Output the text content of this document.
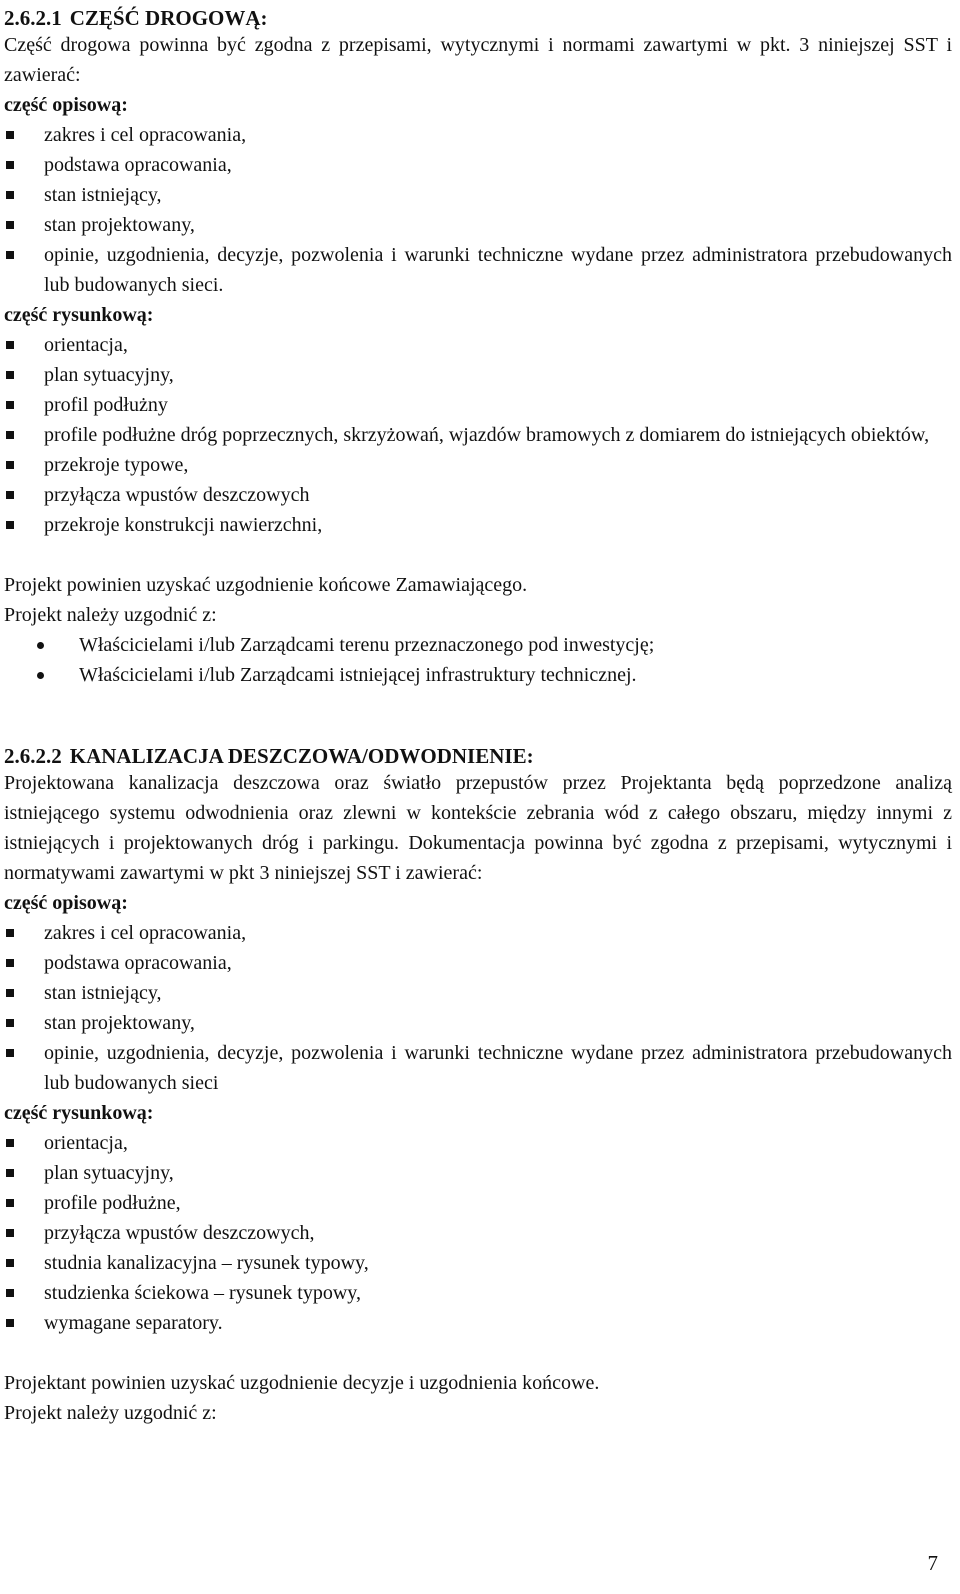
2.6.2.1 CZĘŚĆ DROGOWĄ:
Część drogowa powinna być zgodna z przepisami, wytycznymi i normami zawartymi w pkt. 3 niniejszej SST i zawierać:
część opisową:
zakres i cel opracowania,
podstawa opracowania,
stan istniejący,
stan projektowany,
opinie, uzgodnienia, decyzje, pozwolenia i warunki techniczne wydane przez administratora przebudowanych lub budowanych sieci.
część rysunkową:
orientacja,
plan sytuacyjny,
profil podłużny
profile podłużne dróg poprzecznych, skrzyżowań, wjazdów bramowych z domiarem do istniejących obiektów,
przekroje typowe,
przyłącza wpustów deszczowych
przekroje konstrukcji nawierzchni,
Projekt powinien uzyskać uzgodnienie końcowe Zamawiającego.
Projekt należy uzgodnić z:
Właścicielami i/lub Zarządcami terenu przeznaczonego pod inwestycję;
Właścicielami i/lub Zarządcami istniejącej infrastruktury technicznej.
2.6.2.2 KANALIZACJA DESZCZOWA/ODWODNIENIE:
Projektowana kanalizacja deszczowa oraz światło przepustów przez Projektanta będą poprzedzone analizą istniejącego systemu odwodnienia oraz zlewni w kontekście zebrania wód z całego obszaru, między innymi z istniejących i projektowanych dróg i parkingu. Dokumentacja powinna być zgodna z przepisami, wytycznymi i normatywami zawartymi w pkt 3 niniejszej SST i zawierać:
część opisową:
zakres i cel opracowania,
podstawa opracowania,
stan istniejący,
stan projektowany,
opinie, uzgodnienia, decyzje, pozwolenia i warunki techniczne wydane przez administratora przebudowanych lub budowanych sieci
część rysunkową:
orientacja,
plan sytuacyjny,
profile podłużne,
przyłącza wpustów deszczowych,
studnia kanalizacyjna – rysunek typowy,
studzienka ściekowa – rysunek typowy,
wymagane separatory.
Projektant powinien uzyskać uzgodnienie decyzje i uzgodnienia końcowe.
Projekt należy uzgodnić z:
7
